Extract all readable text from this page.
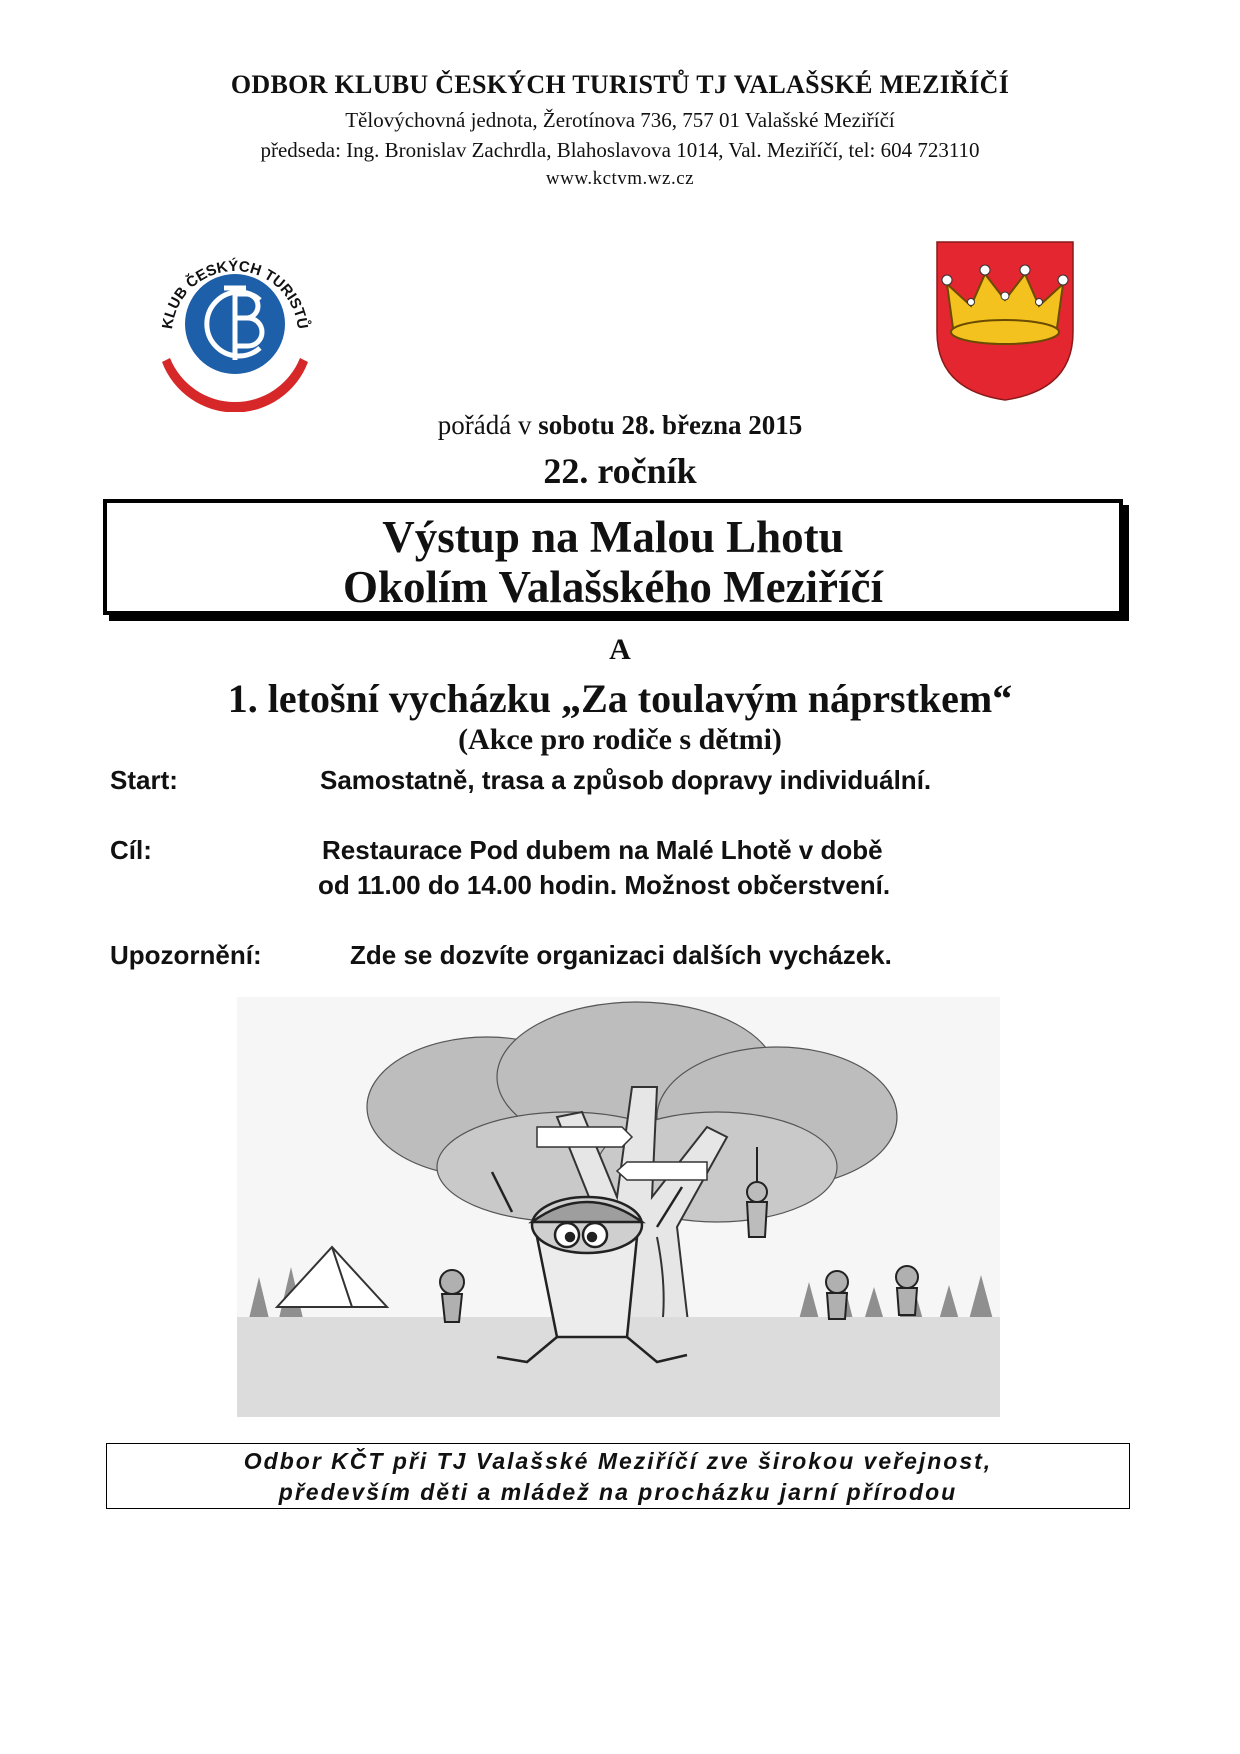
ODBOR KLUBU ČESKÝCH TURISTŮ TJ VALAŠSKÉ MEZIŘÍČÍ
Tělovýchovná jednota, Žerotínova 736, 757 01 Valašské Meziříčí
předseda: Ing. Bronislav Zachrdla, Blahoslavova 1014, Val. Meziříčí, tel: 604 723110
www.kctvm.wz.cz
KLUB ČESKÝCH TURISTŮ
pořádá v sobotu 28. března 2015
22. ročník
Výstup na Malou Lhotu
Okolím Valašského Meziříčí
A
1. letošní vycházku „Za toulavým náprstkem“
(Akce pro rodiče s dětmi)
Start:	Samostatně, trasa a způsob dopravy individuální.
Cíl:	Restaurace Pod dubem na Malé Lhotě v době
od 11.00 do 14.00 hodin. Možnost občerstvení.
Upozornění:	Zde se dozvíte organizaci dalších vycházek.
Odbor KČT při TJ Valašské Meziříčí zve širokou veřejnost,
především děti a mládež na procházku jarní přírodou
